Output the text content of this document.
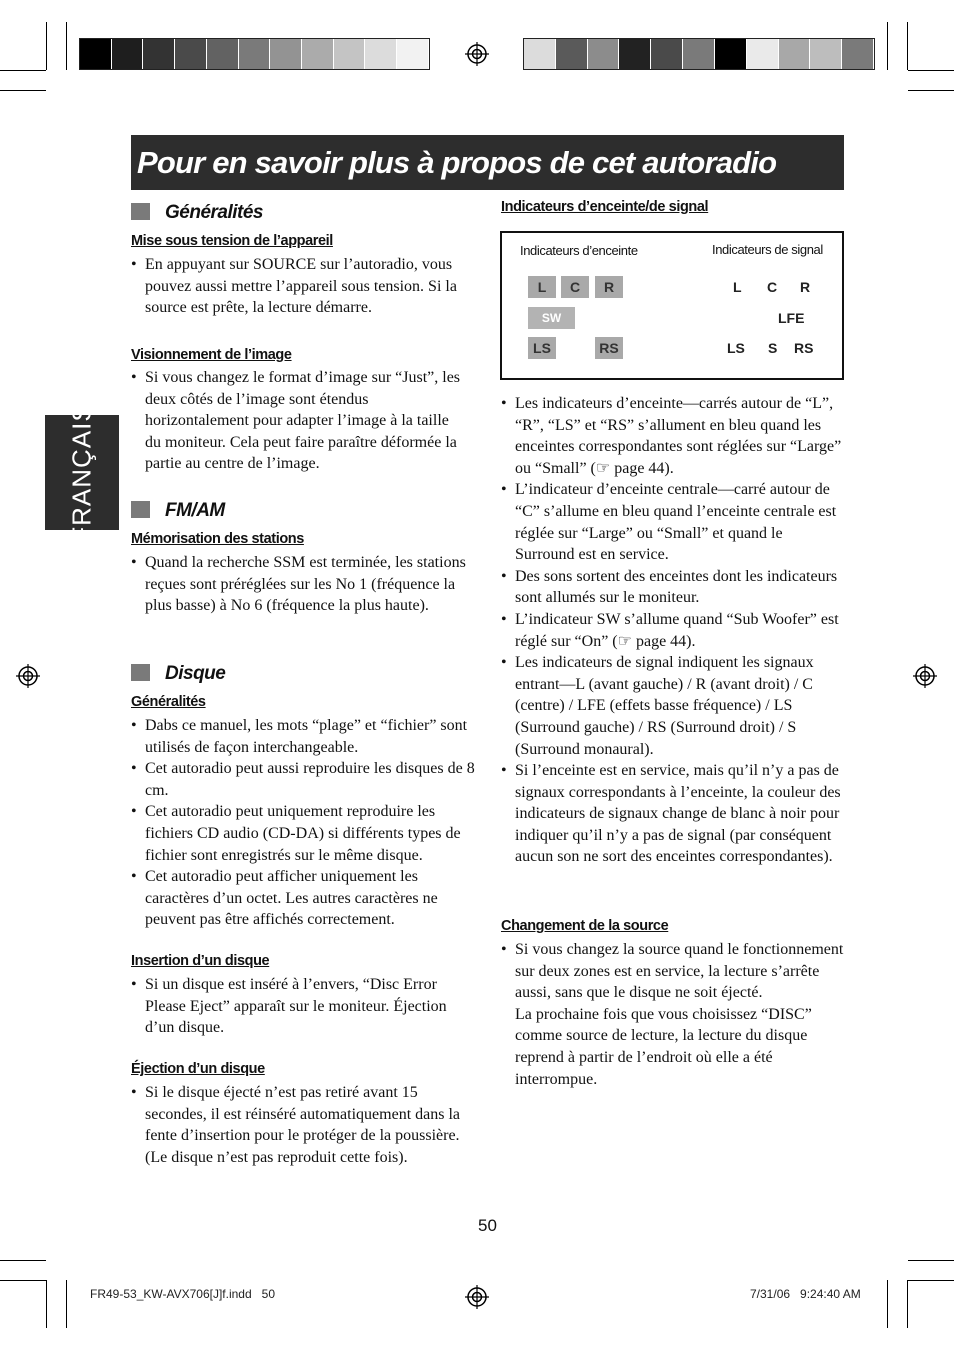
Pour en savoir plus à propos de cet autoradio
FRANÇAIS
Généralités
Mise sous tension de l’appareil
• En appuyant sur SOURCE sur l’autoradio, vous pouvez aussi mettre l’appareil sous tension. Si la source est prête, la lecture démarre.
Visionnement de l’image
• Si vous changez le format d’image sur “Just”, les deux côtés de l’image sont étendus horizontalement pour adapter l’image à la taille du moniteur. Cela peut faire paraître déformée la partie au centre de l’image.
FM/AM
Mémorisation des stations
• Quand la recherche SSM est terminée, les stations reçues sont préréglées sur les No 1 (fréquence la plus basse) à No 6 (fréquence la plus haute).
Disque
Généralités
• Dabs ce manuel, les mots “plage” et “fichier” sont utilisés de façon interchangeable.
• Cet autoradio peut aussi reproduire les disques de 8 cm.
• Cet autoradio peut uniquement reproduire les fichiers CD audio (CD-DA) si différents types de fichier sont enregistrés sur le même disque.
• Cet autoradio peut afficher uniquement les caractères d’un octet. Les autres caractères ne peuvent pas être affichés correctement.
Insertion d’un disque
• Si un disque est inséré à l’envers, “Disc Error Please Eject” apparaît sur le moniteur. Éjection d’un disque.
Éjection d’un disque
• Si le disque éjecté n’est pas retiré avant 15 secondes, il est réinséré automatiquement dans la fente d’insertion pour le protéger de la poussière. (Le disque n’est pas reproduit cette fois).
Indicateurs d’enceinte/de signal
Indicateurs d’enceinte	Indicateurs de signal
L	C	R
SW
LS	RS
L C R
LFE
LS S RS
• Les indicateurs d’enceinte—carrés autour de “L”, “R”, “LS” et “RS” s’allument en bleu quand les enceintes correspondantes sont réglées sur “Large” ou “Small” (☞ page 44).
• L’indicateur d’enceinte centrale—carré autour de “C” s’allume en bleu quand l’enceinte centrale est réglée sur “Large” ou “Small” et quand le Surround est en service.
• Des sons sortent des enceintes dont les indicateurs sont allumés sur le moniteur.
• L’indicateur SW s’allume quand “Sub Woofer” est réglé sur “On” (☞ page 44).
• Les indicateurs de signal indiquent les signaux entrant—L (avant gauche) / R (avant droit) / C (centre) / LFE (effets basse fréquence) / LS (Surround gauche) / RS (Surround droit) / S (Surround monaural).
• Si l’enceinte est en service, mais qu’il n’y a pas de signaux correspondants à l’enceinte, la couleur des indicateurs de signaux change de blanc à noir pour indiquer qu’il n’y a pas de signal (par conséquent aucun son ne sort des enceintes correspondantes).
Changement de la source
• Si vous changez la source quand le fonctionnement sur deux zones est en service, la lecture s’arrête aussi, sans que le disque ne soit éjecté.
La prochaine fois que vous choisissez “DISC” comme source de lecture, la lecture du disque reprend à partir de l’endroit où elle a été interrompue.
50
FR49-53_KW-AVX706[J]f.indd   50	7/31/06   9:24:40 AM
